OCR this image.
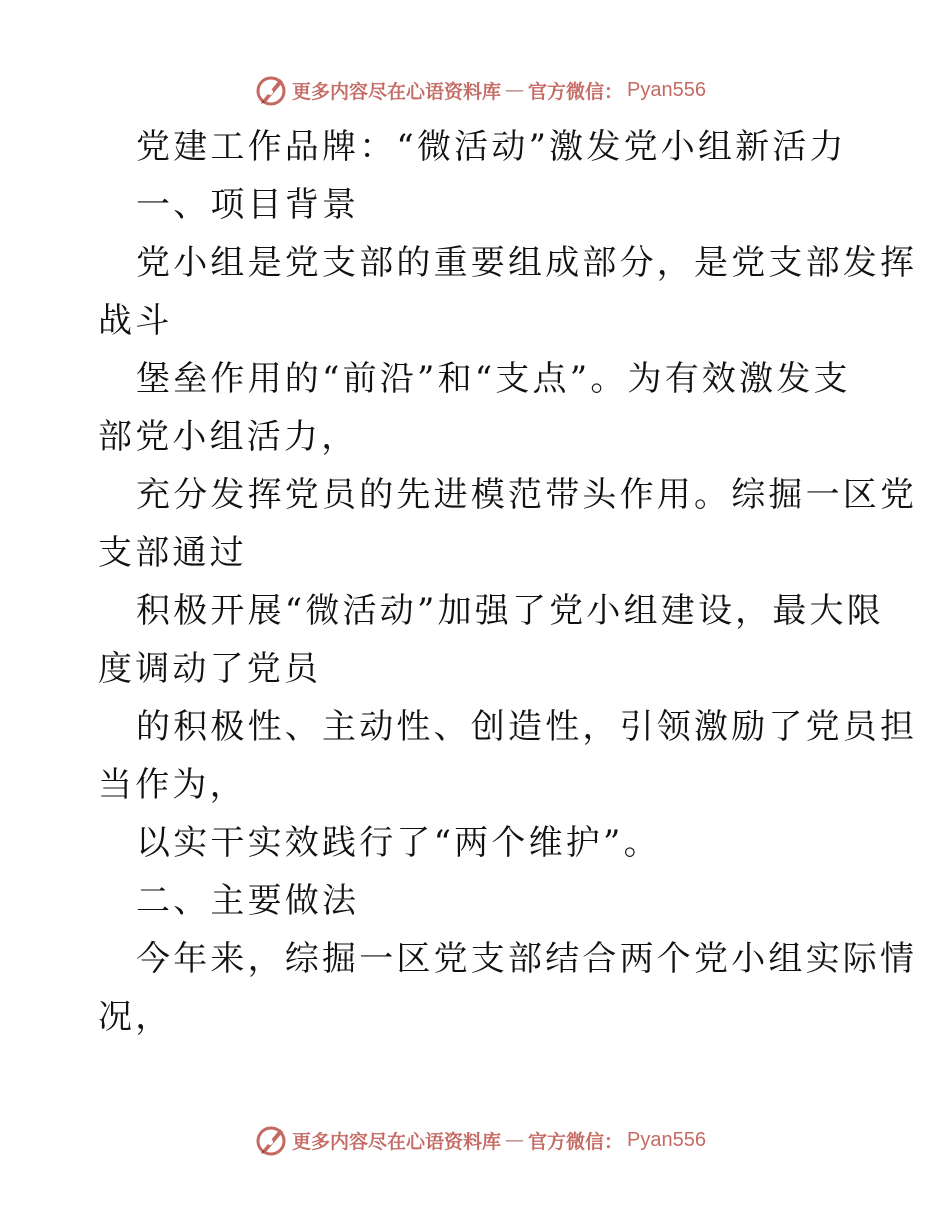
更多内容尽在心语资料库 — 官方微信： Pyan556
党建工作品牌：“微活动”激发党小组新活力
一、项目背景
党小组是党支部的重要组成部分，是党支部发挥
战斗
堡垒作用的“前沿”和“支点”。为有效激发支
部党小组活力，
充分发挥党员的先进模范带头作用。综掘一区党
支部通过
积极开展“微活动”加强了党小组建设，最大限
度调动了党员
的积极性、主动性、创造性，引领激励了党员担
当作为，
以实干实效践行了“两个维护”。
二、主要做法
今年来，综掘一区党支部结合两个党小组实际情
况，
更多内容尽在心语资料库 — 官方微信： Pyan556
